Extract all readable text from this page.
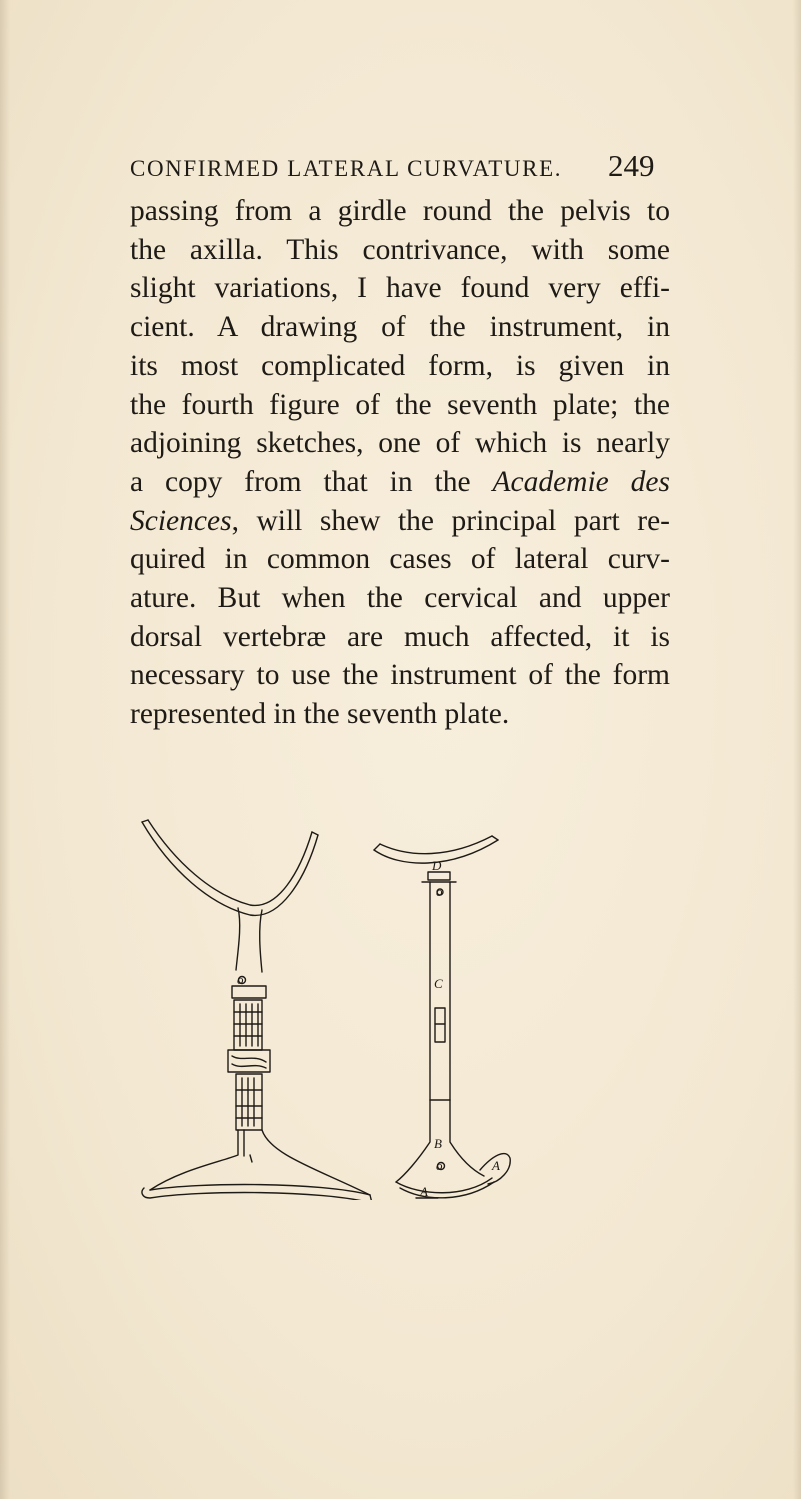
CONFIRMED LATERAL CURVATURE.	249
passing from a girdle round the pelvis to
the axilla. This contrivance, with some
slight variations, I have found very effi-
cient. A drawing of the instrument, in
its most complicated form, is given in
the fourth figure of the seventh plate; the
adjoining sketches, one of which is nearly
a copy from that in the Academie des
Sciences, will shew the principal part re-
quired in common cases of lateral curv-
ature. But when the cervical and upper
dorsal vertebræ are much affected, it is
necessary to use the instrument of the form
represented in the seventh plate.
o
D
o
C
B
o
A
A
